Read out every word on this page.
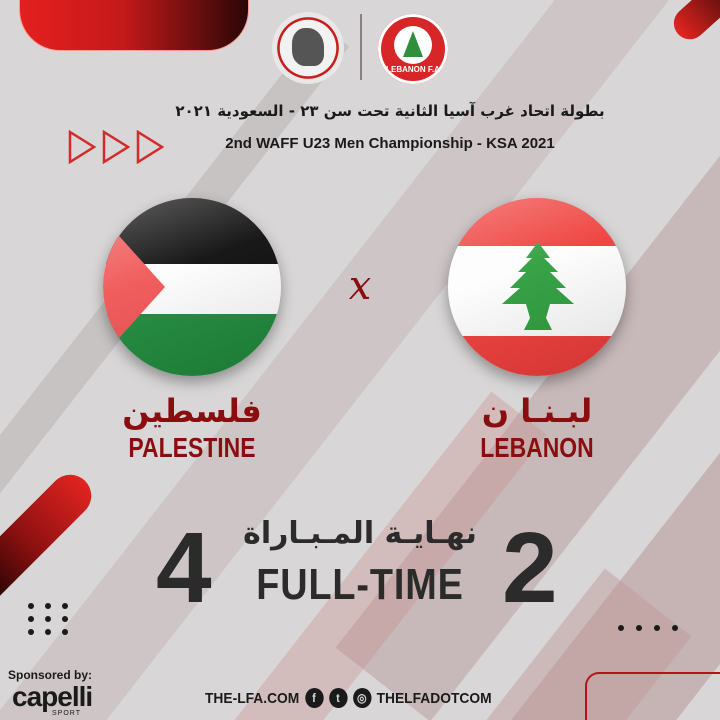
LEBANON F.A
بطولة اتحاد غرب آسيا الثانية تحت سن ٢٣ - السعودية ٢٠٢١
2nd WAFF U23 Men Championship - KSA 2021
x
فلسطين
PALESTINE
لبـنـا ن
LEBANON
4	نهـايـة المـبـاراة
FULL-TIME 2
Sponsored by:
capelli
SPORT
THE-LFA.COM	f	t	◎ THELFADOTCOM
